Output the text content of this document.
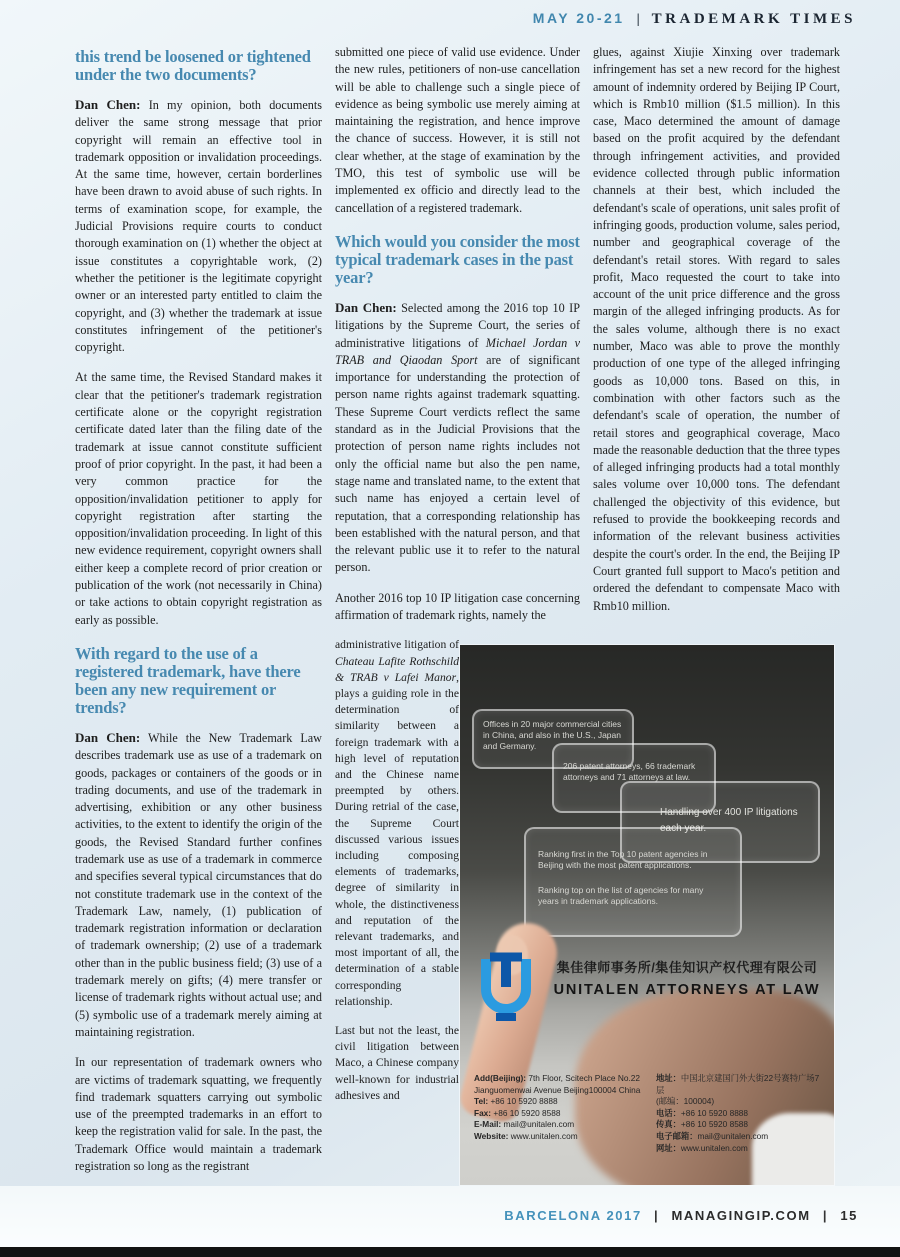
MAY 20-21 | TRADEMARK TIMES
this trend be loosened or tightened under the two documents?

Dan Chen: In my opinion, both documents deliver the same strong message that prior copyright will remain an effective tool in trademark opposition or invalidation proceedings. At the same time, however, certain borderlines have been drawn to avoid abuse of such rights. In terms of examination scope, for example, the Judicial Provisions require courts to conduct thorough examination on (1) whether the object at issue constitutes a copyrightable work, (2) whether the petitioner is the legitimate copyright owner or an interested party entitled to claim the copyright, and (3) whether the trademark at issue constitutes infringement of the petitioner's copyright.

At the same time, the Revised Standard makes it clear that the petitioner's trademark registration certificate alone or the copyright registration certificate dated later than the filing date of the trademark at issue cannot constitute sufficient proof of prior copyright. In the past, it had been a very common practice for the opposition/invalidation petitioner to apply for copyright registration after starting the opposition/invalidation proceeding. In light of this new evidence requirement, copyright owners shall either keep a complete record of prior creation or publication of the work (not necessarily in China) or take actions to obtain copyright registration as early as possible.

With regard to the use of a registered trademark, have there been any new requirement or trends?

Dan Chen: While the New Trademark Law describes trademark use as use of a trademark on goods, packages or containers of the goods or in trading documents, and use of the trademark in advertising, exhibition or any other business activities, to the extent to identify the origin of the goods, the Revised Standard further confines trademark use as use of a trademark in commerce and specifies several typical circumstances that do not constitute trademark use in the context of the Trademark Law, namely, (1) publication of trademark registration information or declaration of trademark ownership; (2) use of a trademark other than in the public business field; (3) use of a trademark merely on gifts; (4) mere transfer or license of trademark rights without actual use; and (5) symbolic use of a trademark merely aiming at maintaining registration.

In our representation of trademark owners who are victims of trademark squatting, we frequently find trademark squatters carrying out symbolic use of the preempted trademarks in an effort to keep the registration valid for sale. In the past, the Trademark Office would maintain a trademark registration so long as the registrant

submitted one piece of valid use evidence. Under the new rules, petitioners of non-use cancellation will be able to challenge such a single piece of evidence as being symbolic use merely aiming at maintaining the registration, and hence improve the chance of success. However, it is still not clear whether, at the stage of examination by the TMO, this test of symbolic use will be implemented ex officio and directly lead to the cancellation of a registered trademark.

Which would you consider the most typical trademark cases in the past year?

Dan Chen: Selected among the 2016 top 10 IP litigations by the Supreme Court, the series of administrative litigations of Michael Jordan v TRAB and Qiaodan Sport are of significant importance for understanding the protection of person name rights against trademark squatting. These Supreme Court verdicts reflect the same standard as in the Judicial Provisions that the protection of person name rights includes not only the official name but also the pen name, stage name and translated name, to the extent that such name has enjoyed a certain level of reputation, that a corresponding relationship has been established with the natural person, and that the relevant public use it to refer to the natural person.

Another 2016 top 10 IP litigation case concerning affirmation of trademark rights, namely the

administrative litigation of Chateau Lafite Rothschild & TRAB v Lafei Manor, plays a guiding role in the determination of similarity between a foreign trademark with a high level of reputation and the Chinese name preempted by others. During retrial of the case, the Supreme Court discussed various issues including composing elements of trademarks, degree of similarity in whole, the distinctiveness and reputation of the relevant trademarks, and most important of all, the determination of a stable corresponding relationship.

Last but not the least, the civil litigation between Maco, a Chinese company well-known for industrial adhesives and

glues, against Xiujie Xinxing over trademark infringement has set a new record for the highest amount of indemnity ordered by Beijing IP Court, which is Rmb10 million ($1.5 million). In this case, Maco determined the amount of damage based on the profit acquired by the defendant through infringement activities, and provided evidence collected through public information channels at their best, which included the defendant's scale of operations, unit sales profit of infringing goods, production volume, sales period, number and geographical coverage of the defendant's retail stores. With regard to sales profit, Maco requested the court to take into account of the unit price difference and the gross margin of the alleged infringing products. As for the sales volume, although there is no exact number, Maco was able to prove the monthly production of one type of the alleged infringing goods as 10,000 tons. Based on this, in combination with other factors such as the defendant's scale of operation, the number of retail stores and geographical coverage, Maco made the reasonable deduction that the three types of alleged infringing products had a total monthly sales volume over 10,000 tons. The defendant challenged the objectivity of this evidence, but refused to provide the bookkeeping records and information of the relevant business activities despite the court's order. In the end, the Beijing IP Court granted full support to Maco's petition and ordered the defendant to compensate Maco with Rmb10 million.

Offices in 20 major commercial cities in China, and also in the U.S., Japan and Germany.
206 patent attorneys, 66 trademark attorneys and 71 attorneys at law.
Handling over 400 IP litigations each year.
Ranking first in the Top 10 patent agencies in Beijing with the most patent applications.
Ranking top on the list of agencies for many years in trademark applications.
集佳律师事务所/集佳知识产权代理有限公司
UNITALEN ATTORNEYS AT LAW
Add(Beijing): 7th Floor, Scitech Place No.22 Jianguomenwai Avenue Beijing100004 China
Tel: +86 10 5920 8888
Fax: +86 10 5920 8588
E-Mail: mail@unitalen.com
Website: www.unitalen.com
地址：中国北京建国门外大街22号赛特广场7层
(邮编：100004)
电话：+86 10 5920 8888
传真：+86 10 5920 8588
电子邮箱：mail@unitalen.com
网址：www.unitalen.com
BARCELONA 2017 | MANAGINGIP.COM | 15
